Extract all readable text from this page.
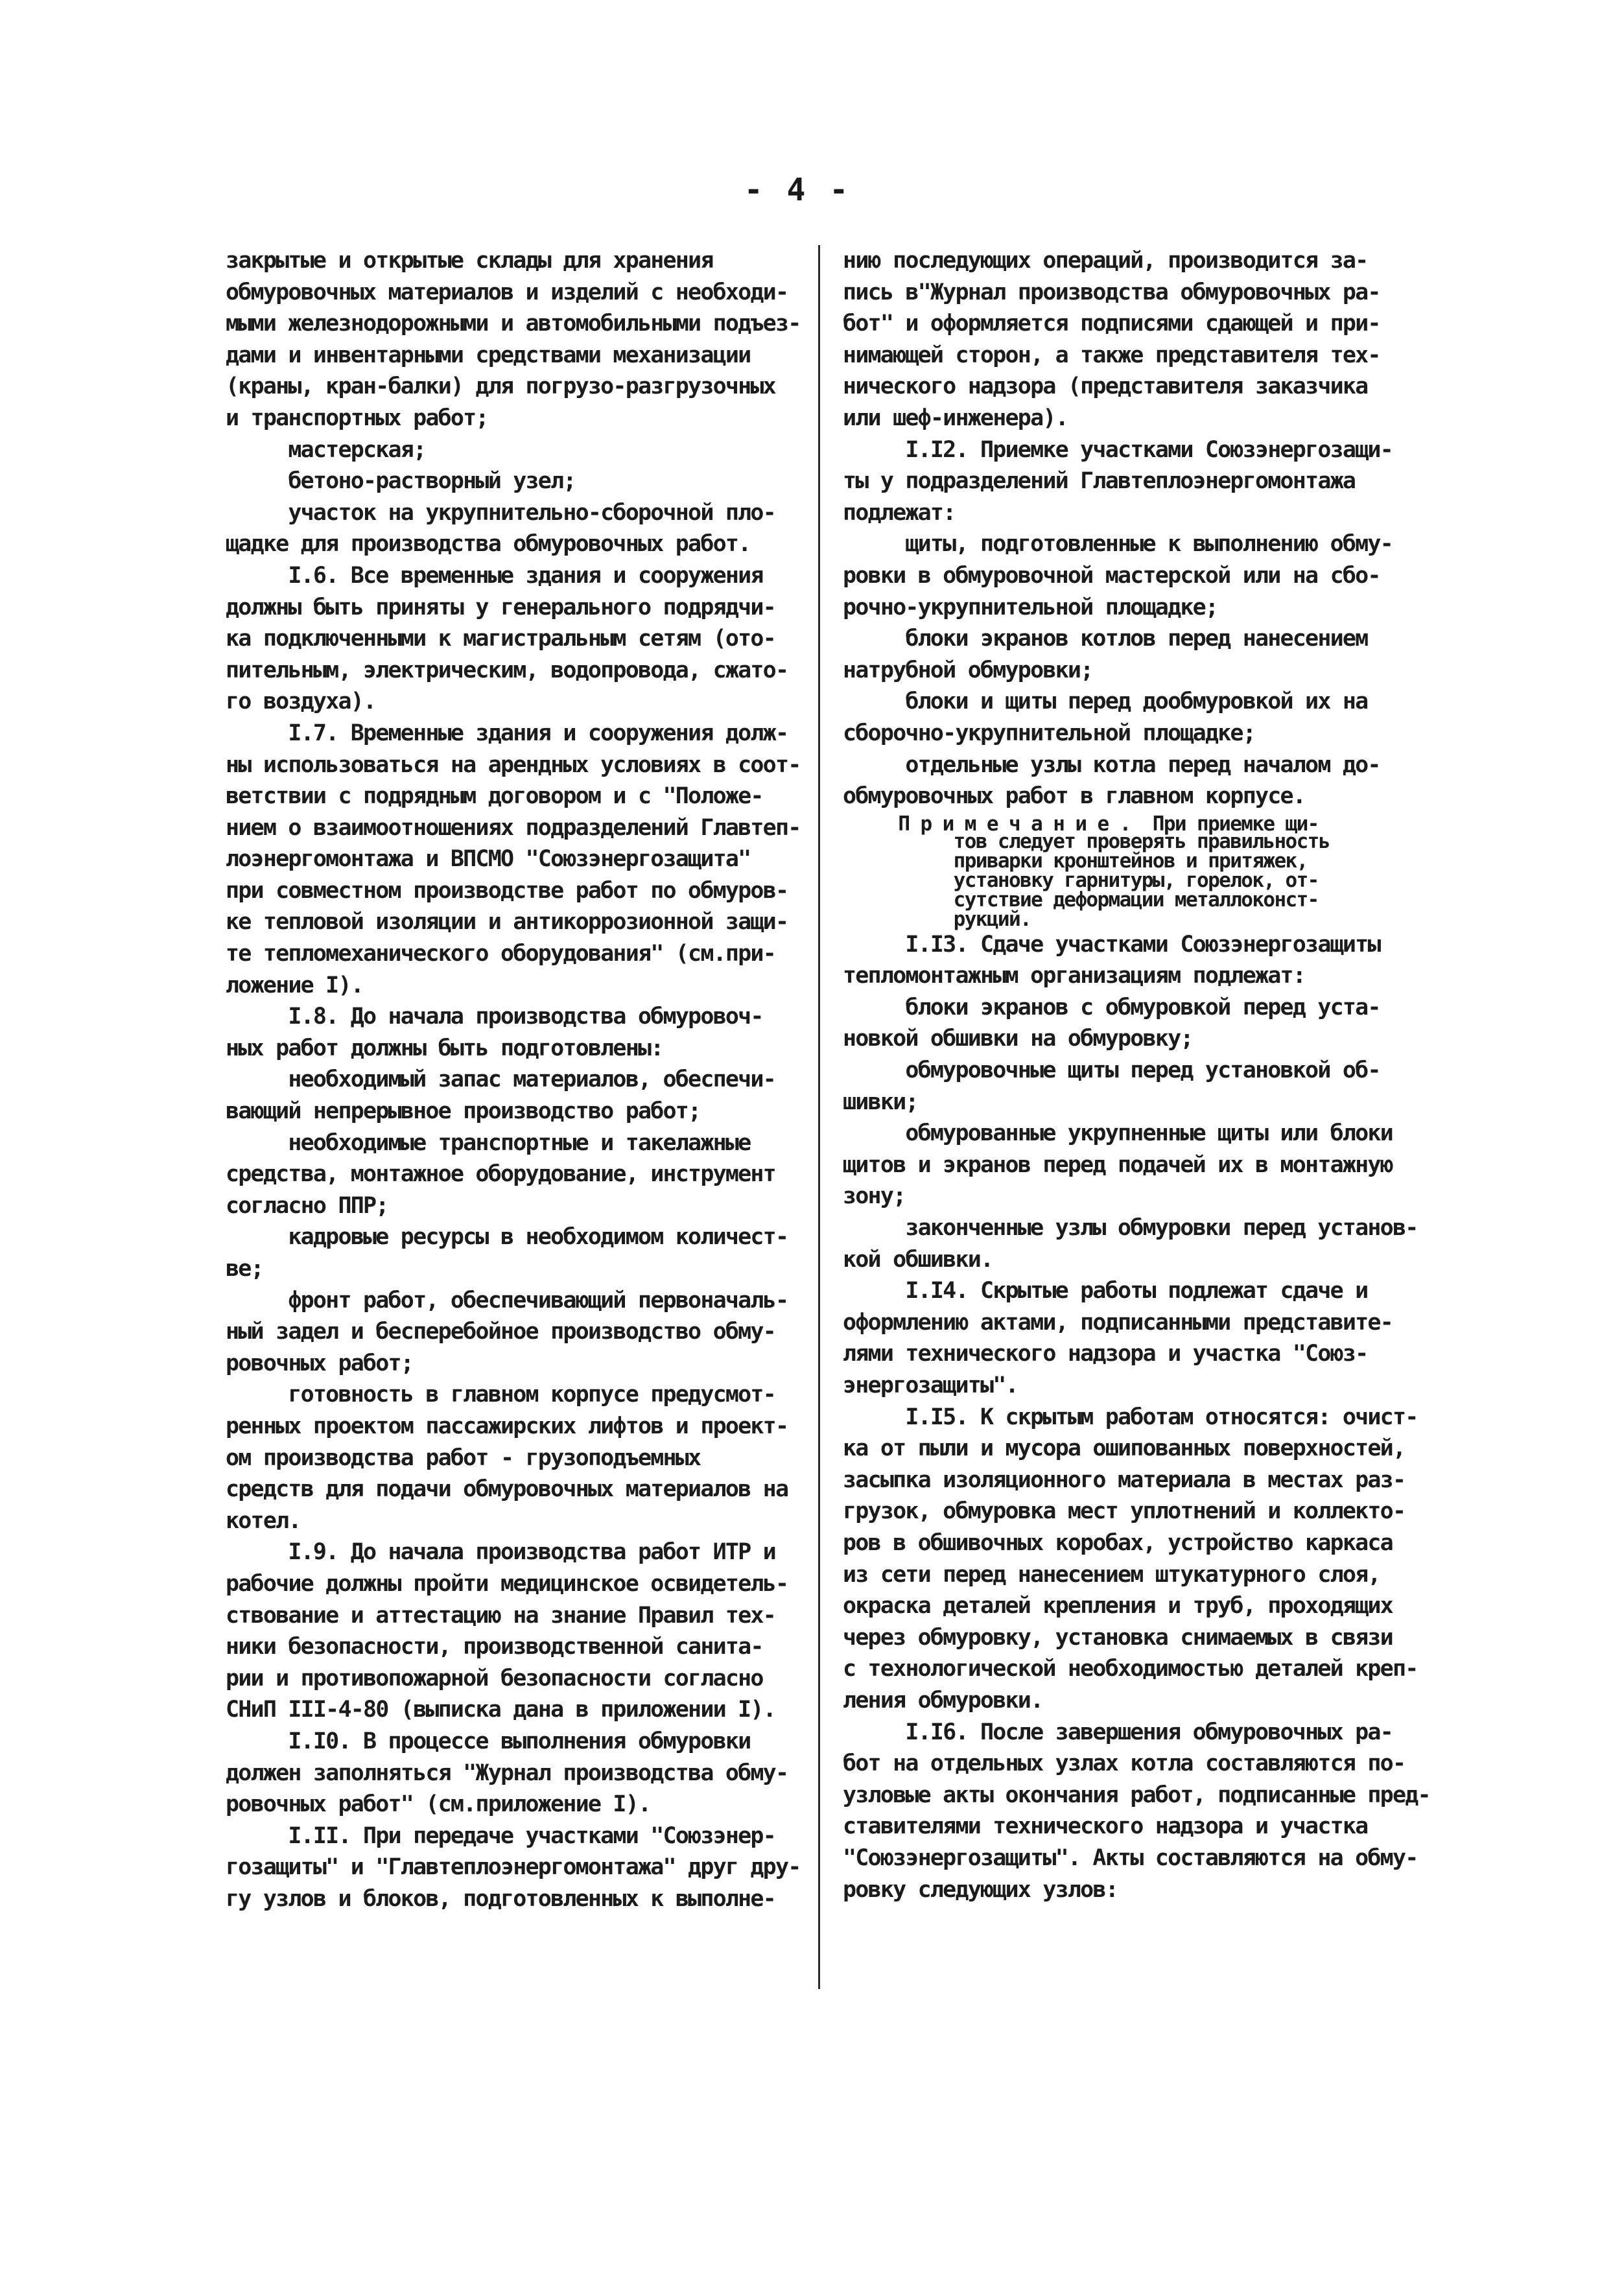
- 4 -
закрытые и открытые склады для хранения
обмуровочных материалов и изделий с необходи-
мыми железнодорожными и автомобильными подъез-
дами и инвентарными средствами механизации
(краны, кран-балки) для погрузо-разгрузочных
и транспортных работ;
мастерская;
бетоно-растворный узел;
участок на укрупнительно-сборочной пло-
щадке для производства обмуровочных работ.
I.6. Все временные здания и сооружения
должны быть приняты у генерального подрядчи-
ка подключенными к магистральным сетям (ото-
пительным, электрическим, водопровода, сжато-
го воздуха).
I.7. Временные здания и сооружения долж-
ны использоваться на арендных условиях в соот-
ветствии с подрядным договором и с "Положе-
нием о взаимоотношениях подразделений Главтеп-
лоэнергомонтажа и ВПСМО "Союзэнергозащита"
при совместном производстве работ по обмуров-
ке тепловой изоляции и антикоррозионной защи-
те тепломеханического оборудования" (см.при-
ложение I).
I.8. До начала производства обмуровоч-
ных работ должны быть подготовлены:
необходимый запас материалов, обеспечи-
вающий непрерывное производство работ;
необходимые транспортные и такелажные
средства, монтажное оборудование, инструмент
согласно ППР;
кадровые ресурсы в необходимом количест-
ве;
фронт работ, обеспечивающий первоначаль-
ный задел и бесперебойное производство обму-
ровочных работ;
готовность в главном корпусе предусмот-
ренных проектом пассажирских лифтов и проект-
ом производства работ - грузоподъемных
средств для подачи обмуровочных материалов на
котел.
I.9. До начала производства работ ИТР и
рабочие должны пройти медицинское освидетель-
ствование и аттестацию на знание Правил тех-
ники безопасности, производственной санита-
рии и противопожарной безопасности согласно
СНиП III-4-80 (выписка дана в приложении I).
I.I0. В процессе выполнения обмуровки
должен заполняться "Журнал производства обму-
ровочных работ" (см.приложение I).
I.II. При передаче участками "Союзэнер-
гозащиты" и "Главтеплоэнергомонтажа" друг дру-
гу узлов и блоков, подготовленных к выполне-
нию последующих операций, производится за-
пись в"Журнал производства обмуровочных ра-
бот" и оформляется подписями сдающей и при-
нимающей сторон, а также представителя тех-
нического надзора (представителя заказчика
или шеф-инженера).
I.I2. Приемке участками Союзэнергозащи-
ты у подразделений Главтеплоэнергомонтажа
подлежат:
щиты, подготовленные к выполнению обму-
ровки в обмуровочной мастерской или на сбо-
рочно-укрупнительной площадке;
блоки экранов котлов перед нанесением
натрубной обмуровки;
блоки и щиты перед дообмуровкой их на
сборочно-укрупнительной площадке;
отдельные узлы котла перед началом до-
обмуровочных работ в главном корпусе.
П р и м е ч а н и е .  При приемке щи-
тов следует проверять правильность
приварки кронштейнов и притяжек,
установку гарнитуры, горелок, от-
сутствие деформации металлоконст-
рукций.
I.I3. Сдаче участками Союзэнергозащиты
тепломонтажным организациям подлежат:
блоки экранов с обмуровкой перед уста-
новкой обшивки на обмуровку;
обмуровочные щиты перед установкой об-
шивки;
обмурованные укрупненные щиты или блоки
щитов и экранов перед подачей их в монтажную
зону;
законченные узлы обмуровки перед установ-
кой обшивки.
I.I4. Скрытые работы подлежат сдаче и
оформлению актами, подписанными представите-
лями технического надзора и участка "Союз-
энергозащиты".
I.I5. К скрытым работам относятся: очист-
ка от пыли и мусора ошипованных поверхностей,
засыпка изоляционного материала в местах раз-
грузок, обмуровка мест уплотнений и коллекто-
ров в обшивочных коробах, устройство каркаса
из сети перед нанесением штукатурного слоя,
окраска деталей крепления и труб, проходящих
через обмуровку, установка снимаемых в связи
с технологической необходимостью деталей креп-
ления обмуровки.
I.I6. После завершения обмуровочных ра-
бот на отдельных узлах котла составляются по-
узловые акты окончания работ, подписанные пред-
ставителями технического надзора и участка
"Союзэнергозащиты". Акты составляются на обму-
ровку следующих узлов:
